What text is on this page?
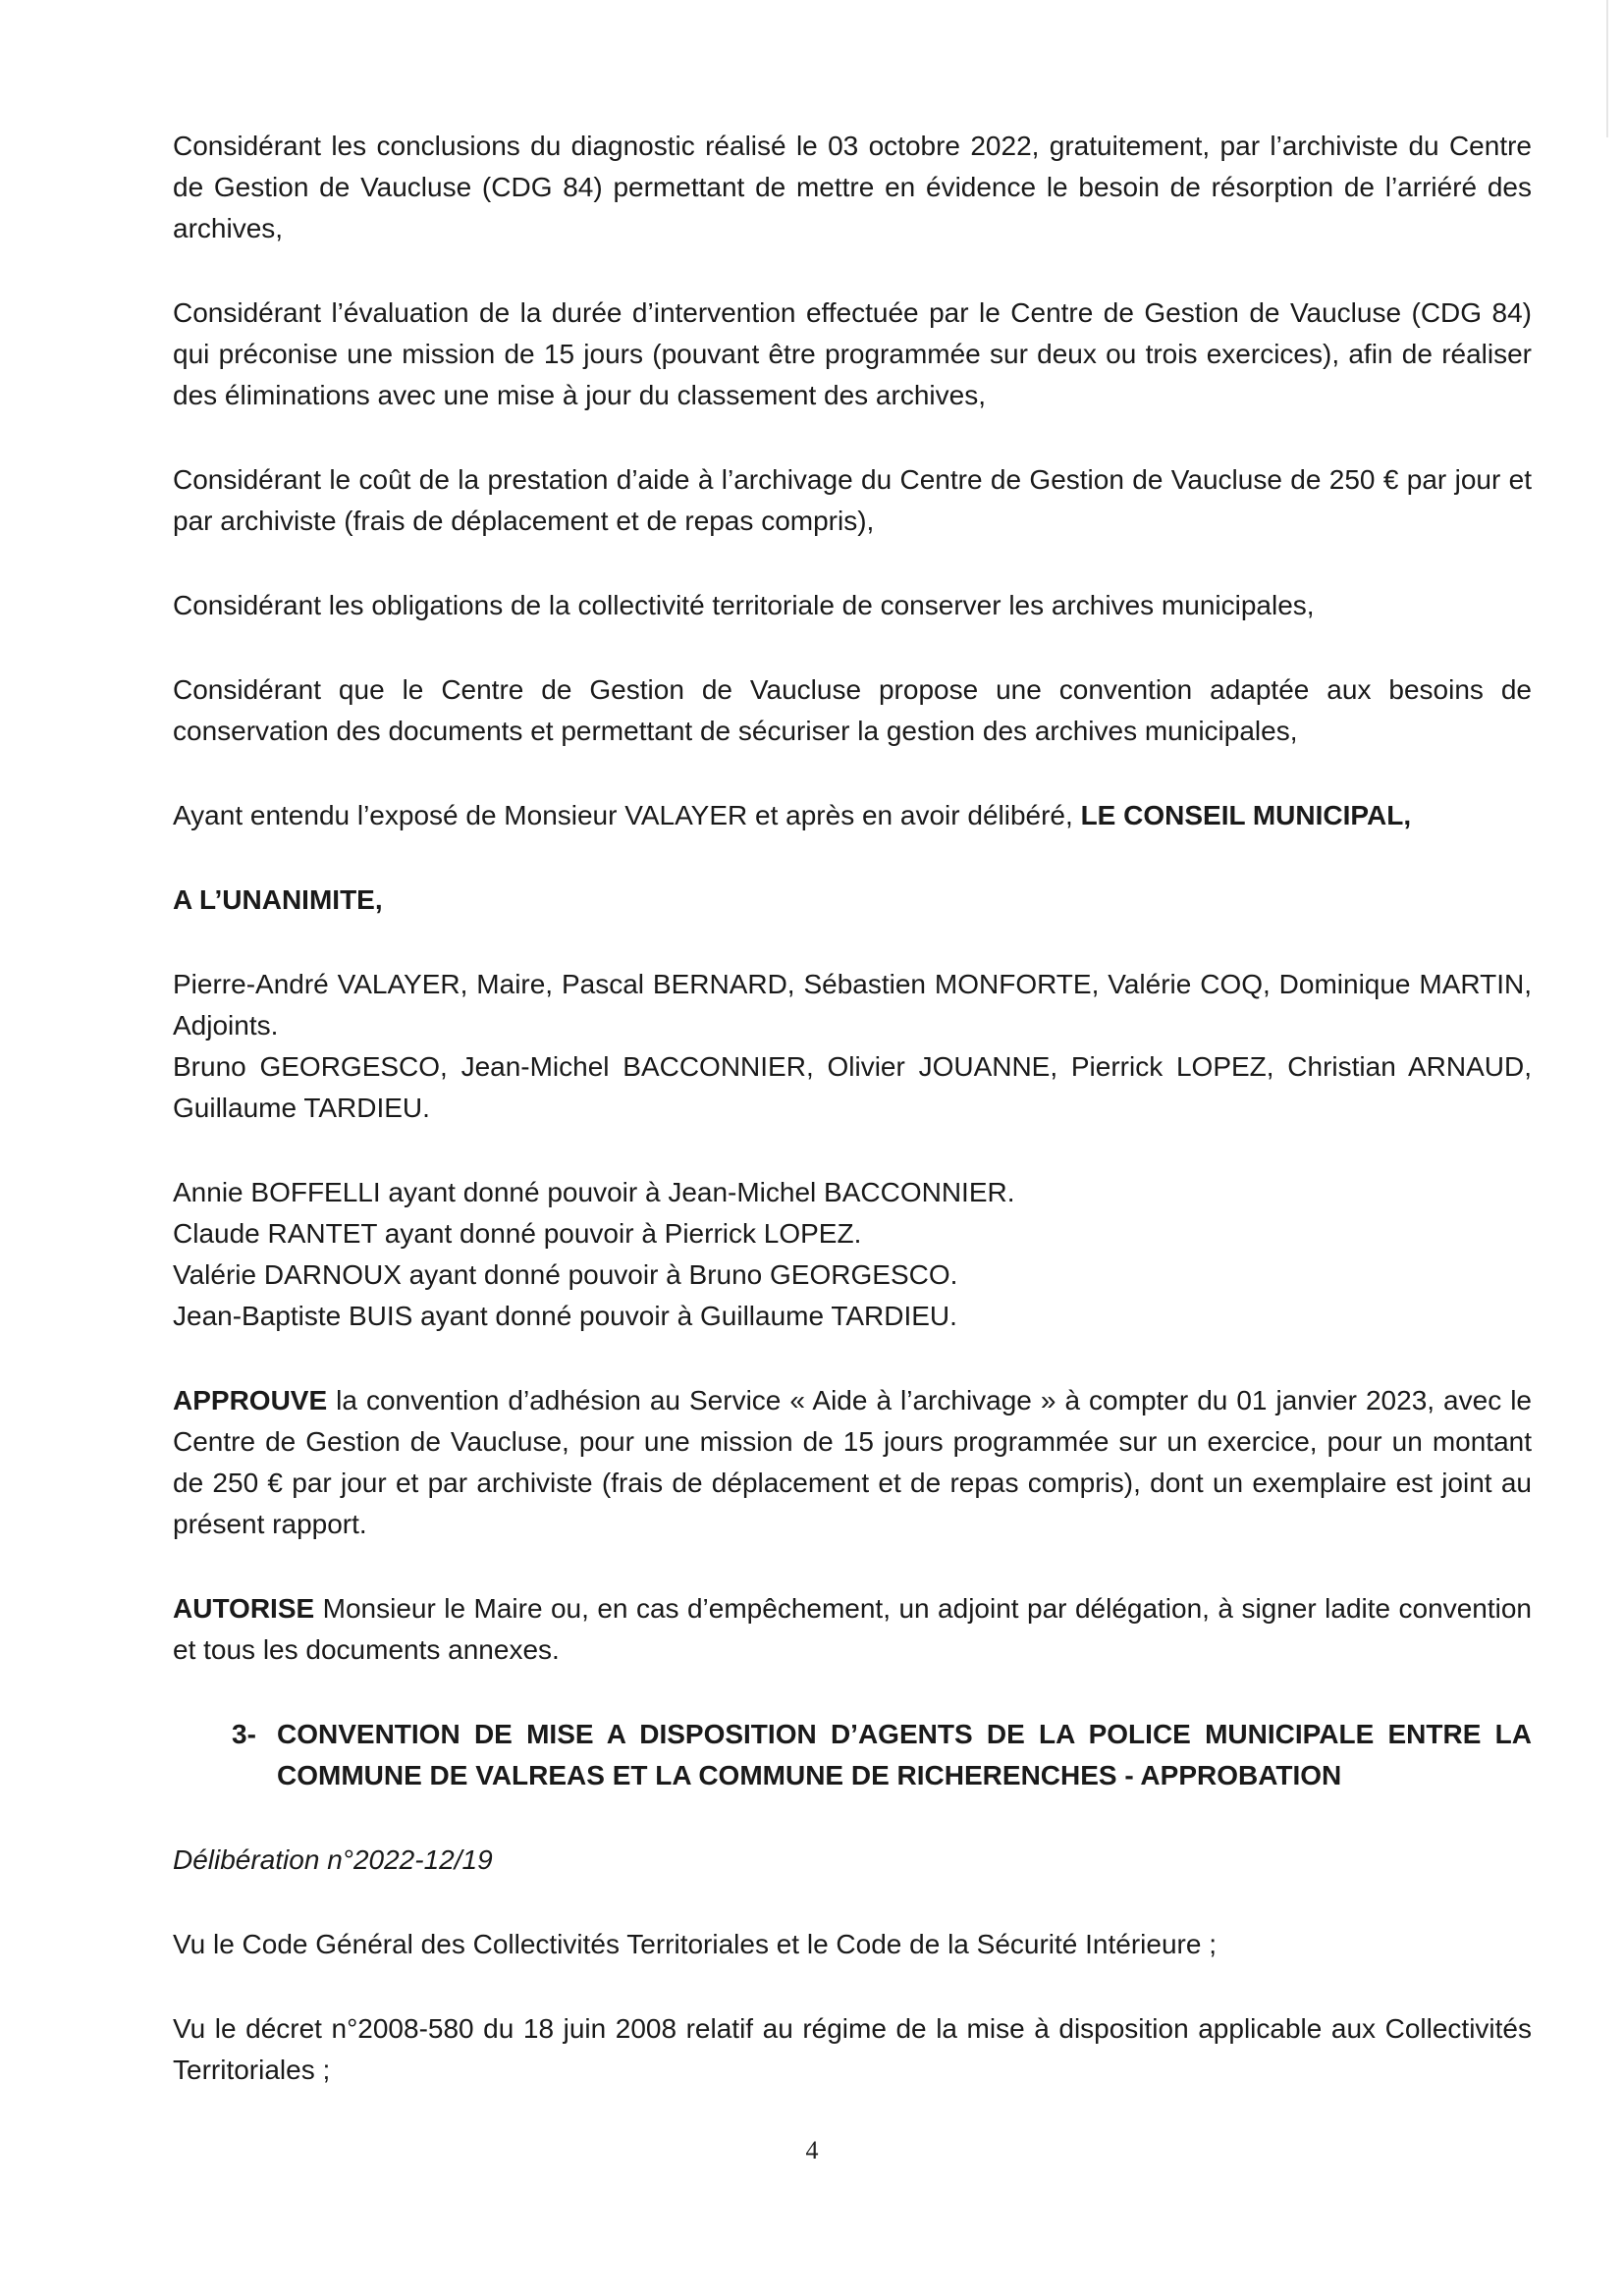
Considérant les conclusions du diagnostic réalisé le 03 octobre 2022, gratuitement, par l’archiviste du Centre de Gestion de Vaucluse (CDG 84) permettant de mettre en évidence le besoin de résorption de l’arriéré des archives,

Considérant l’évaluation de la durée d’intervention effectuée par le Centre de Gestion de Vaucluse (CDG 84) qui préconise une mission de 15 jours (pouvant être programmée sur deux ou trois exercices), afin de réaliser des éliminations avec une mise à jour du classement des archives,

Considérant le coût de la prestation d’aide à l’archivage du Centre de Gestion de Vaucluse de 250 € par jour et par archiviste (frais de déplacement et de repas compris),

Considérant les obligations de la collectivité territoriale de conserver les archives municipales,

Considérant que le Centre de Gestion de Vaucluse propose une convention adaptée aux besoins de conservation des documents et permettant de sécuriser la gestion des archives municipales,

Ayant entendu l’exposé de Monsieur VALAYER et après en avoir délibéré, LE CONSEIL MUNICIPAL,

A L’UNANIMITE,

Pierre-André VALAYER, Maire, Pascal BERNARD, Sébastien MONFORTE, Valérie COQ, Dominique MARTIN, Adjoints.

Bruno GEORGESCO, Jean-Michel BACCONNIER, Olivier JOUANNE, Pierrick LOPEZ, Christian ARNAUD, Guillaume TARDIEU.

Annie BOFFELLI ayant donné pouvoir à Jean-Michel BACCONNIER.
Claude RANTET ayant donné pouvoir à Pierrick LOPEZ.
Valérie DARNOUX ayant donné pouvoir à Bruno GEORGESCO.
Jean-Baptiste BUIS ayant donné pouvoir à Guillaume TARDIEU.

APPROUVE la convention d’adhésion au Service « Aide à l’archivage » à compter du 01 janvier 2023, avec le Centre de Gestion de Vaucluse, pour une mission de 15 jours programmée sur un exercice, pour un montant de 250 € par jour et par archiviste (frais de déplacement et de repas compris), dont un exemplaire est joint au présent rapport.

AUTORISE Monsieur le Maire ou, en cas d’empêchement, un adjoint par délégation, à signer ladite convention et tous les documents annexes.

3- CONVENTION DE MISE A DISPOSITION D’AGENTS DE LA POLICE MUNICIPALE ENTRE LA COMMUNE DE VALREAS ET LA COMMUNE DE RICHERENCHES - APPROBATION

Délibération n°2022-12/19

Vu le Code Général des Collectivités Territoriales et le Code de la Sécurité Intérieure ;

Vu le décret n°2008-580 du 18 juin 2008 relatif au régime de la mise à disposition applicable aux Collectivités Territoriales ;

4
